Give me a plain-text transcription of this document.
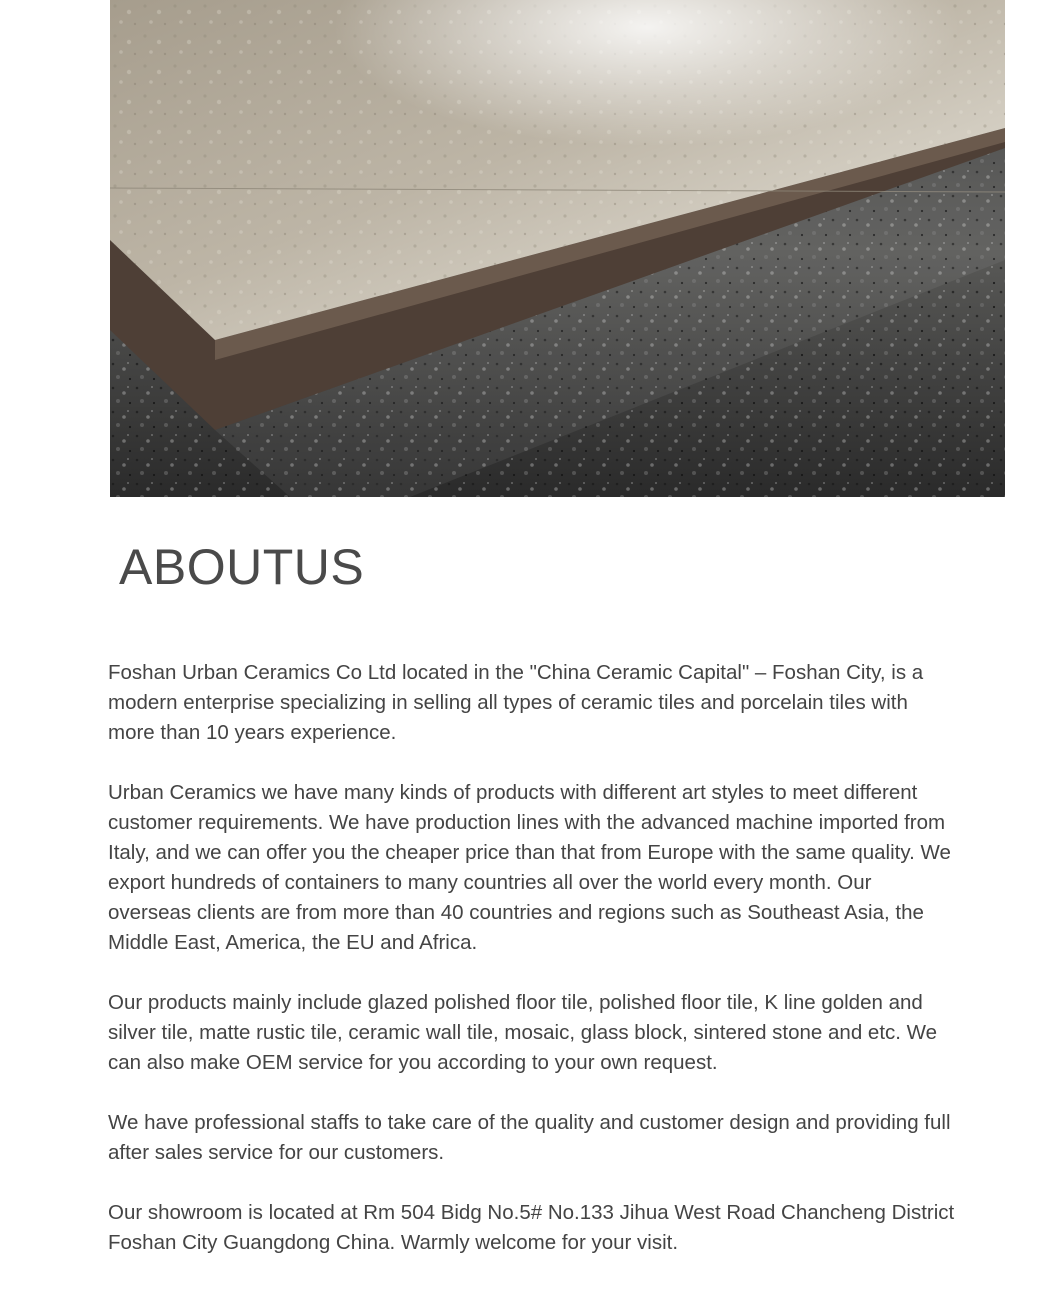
ABOUTUS

Foshan Urban Ceramics Co Ltd located in the "China Ceramic Capital" – Foshan City, is a modern enterprise specializing in selling all types of ceramic tiles and porcelain tiles with more than 10 years experience.

Urban Ceramics we have many kinds of products with different art styles to meet different customer requirements. We have production lines with the advanced machine imported from Italy, and we can offer you the cheaper price than that from Europe with the same quality. We export hundreds of containers to many countries all over the world every month. Our overseas clients are from more than 40 countries and regions such as Southeast Asia, the Middle East, America, the EU and Africa.

Our products mainly include glazed polished floor tile, polished floor tile, K line golden and silver tile, matte rustic tile, ceramic wall tile, mosaic, glass block, sintered stone and etc. We can also make OEM service for you according to your own request.

We have professional staffs to take care of the quality and customer design and providing full after sales service for our customers.

Our showroom is located at Rm 504 Bidg No.5# No.133 Jihua West Road Chancheng District Foshan City Guangdong China. Warmly welcome for your visit.
